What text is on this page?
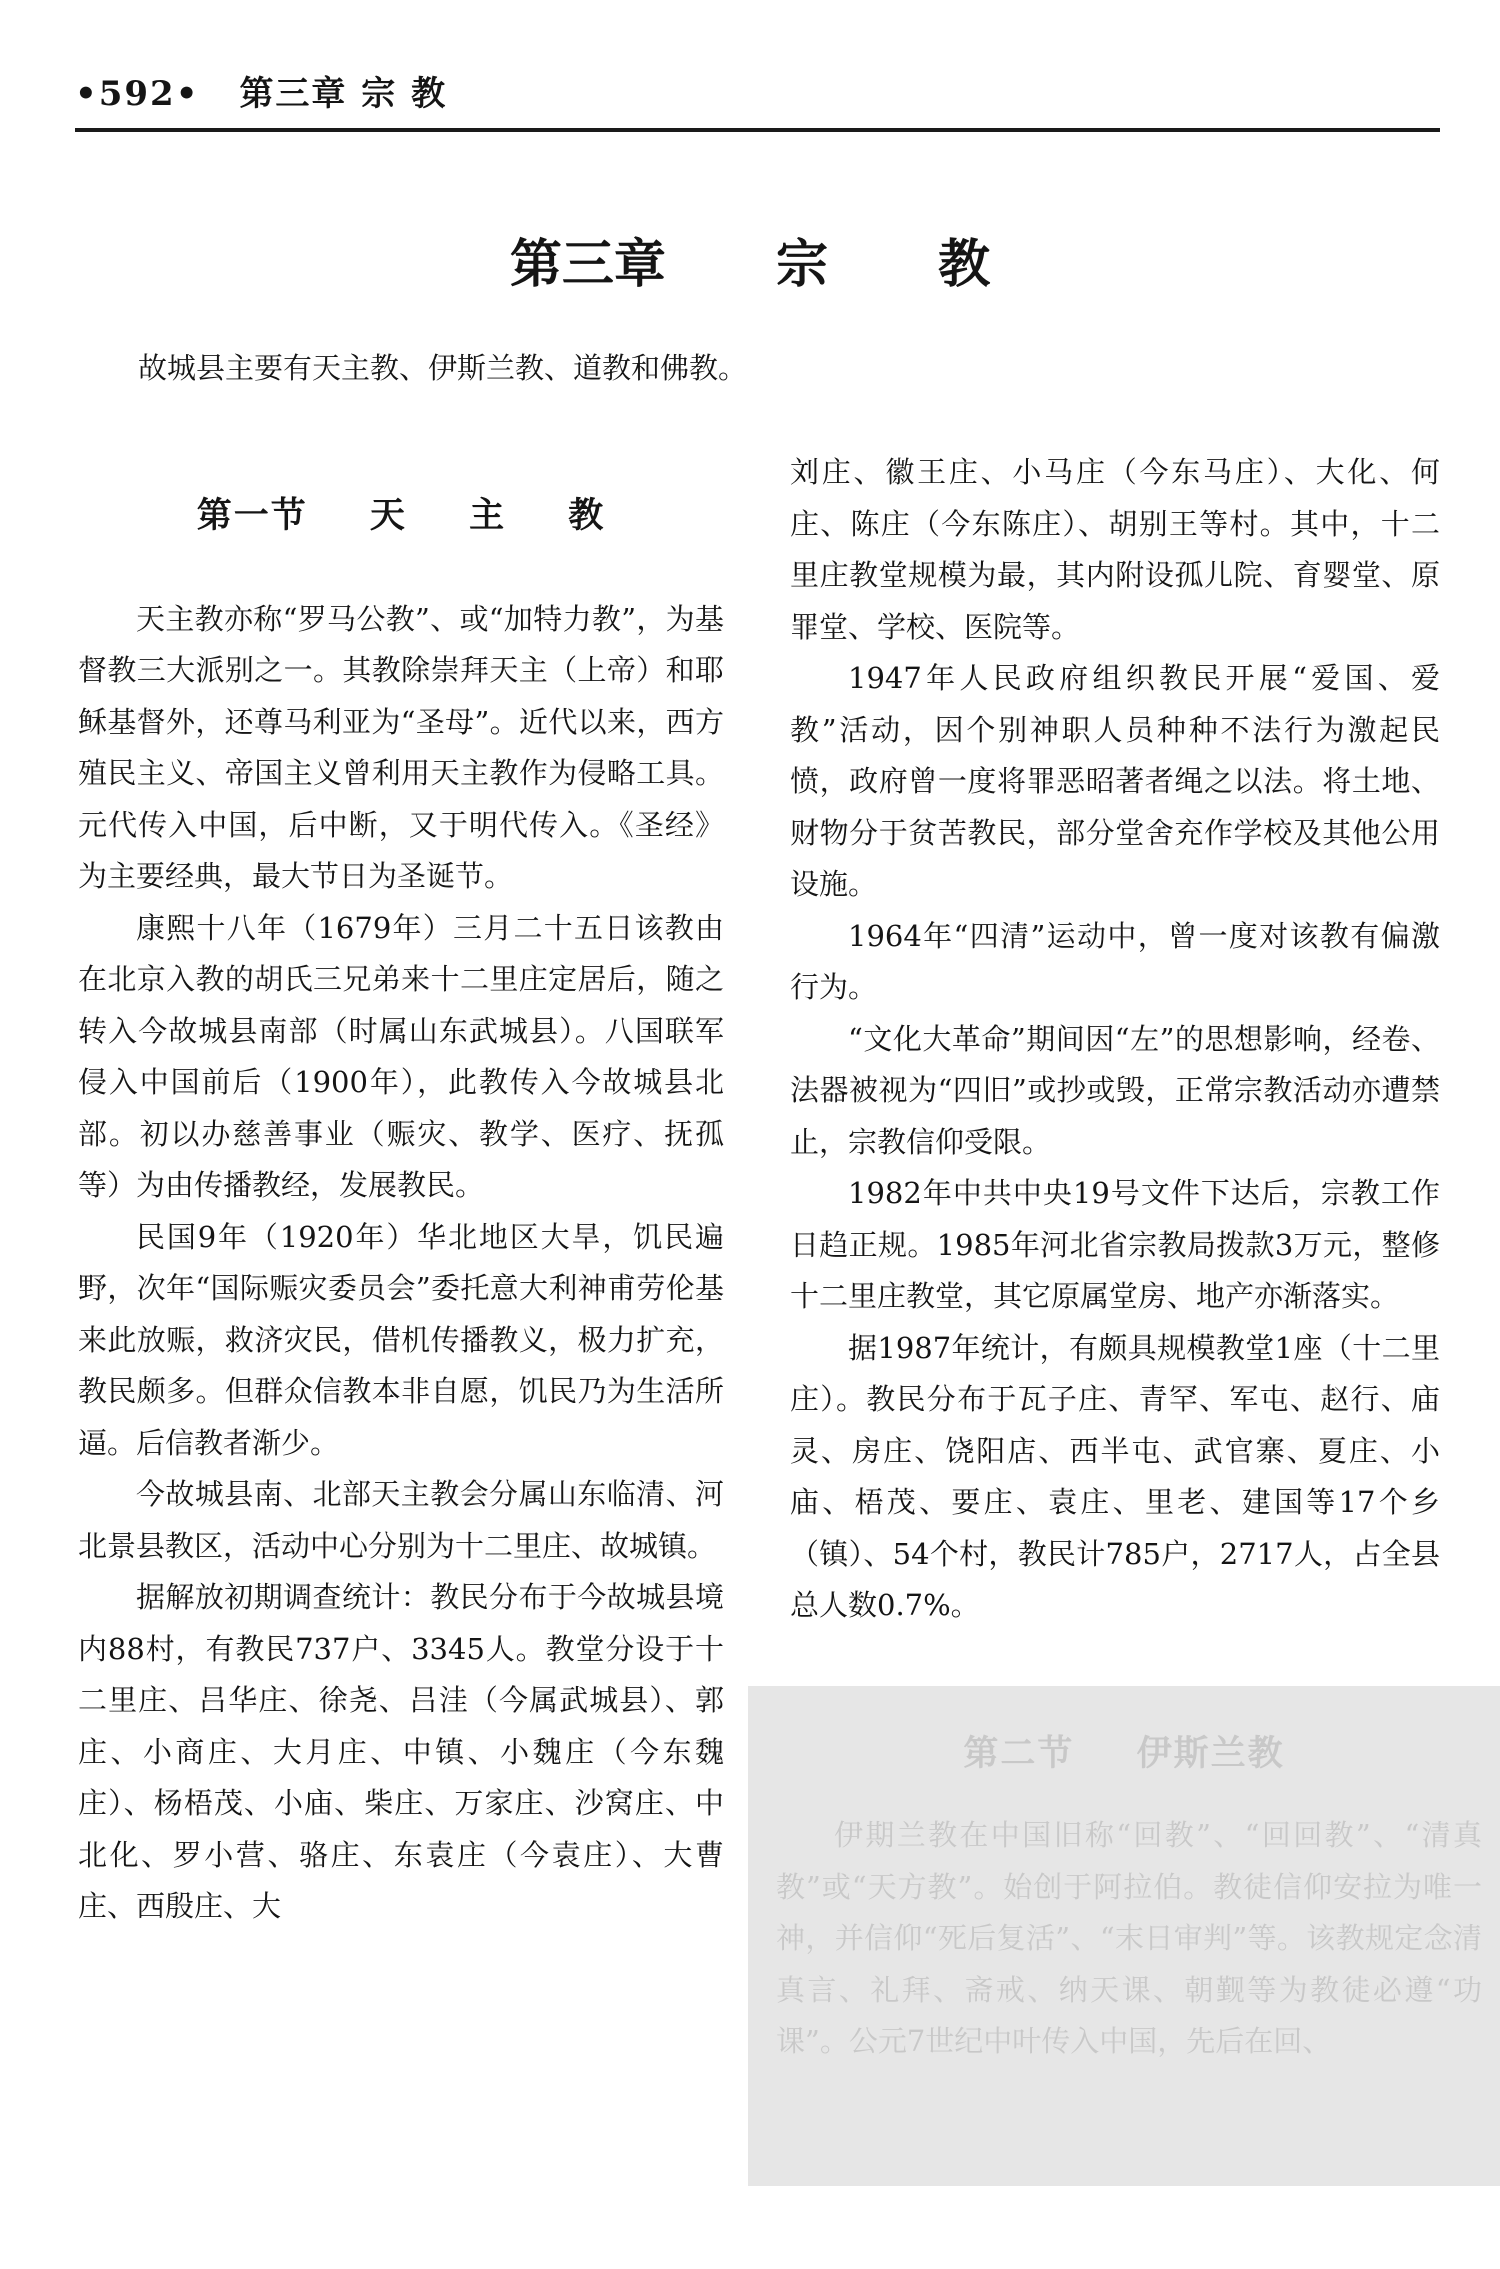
•592• 第三章 宗 教
第三章 宗 教
故城县主要有天主教、伊斯兰教、道教和佛教。
第一节 天 主 教

天主教亦称“罗马公教”、或“加特力教”，为基督教三大派别之一。其教除崇拜天主（上帝）和耶稣基督外，还尊马利亚为“圣母”。近代以来，西方殖民主义、帝国主义曾利用天主教作为侵略工具。元代传入中国，后中断，又于明代传入。《圣经》为主要经典，最大节日为圣诞节。

康熙十八年（1679年）三月二十五日该教由在北京入教的胡氏三兄弟来十二里庄定居后，随之转入今故城县南部（时属山东武城县）。八国联军侵入中国前后（1900年），此教传入今故城县北部。初以办慈善事业（赈灾、教学、医疗、抚孤等）为由传播教经，发展教民。

民国9年（1920年）华北地区大旱，饥民遍野，次年“国际赈灾委员会”委托意大利神甫劳伦基来此放赈，救济灾民，借机传播教义，极力扩充，教民颇多。但群众信教本非自愿，饥民乃为生活所逼。后信教者渐少。

今故城县南、北部天主教会分属山东临清、河北景县教区，活动中心分别为十二里庄、故城镇。

据解放初期调查统计：教民分布于今故城县境内88村，有教民737户、3345人。教堂分设于十二里庄、吕华庄、徐尧、吕洼（今属武城县）、郭庄、小商庄、大月庄、中镇、小魏庄（今东魏庄）、杨梧茂、小庙、柴庄、万家庄、沙窝庄、中北化、罗小营、骆庄、东袁庄（今袁庄）、大曹庄、西殷庄、大

刘庄、徽王庄、小马庄（今东马庄）、大化、何庄、陈庄（今东陈庄）、胡别王等村。其中，十二里庄教堂规模为最，其内附设孤儿院、育婴堂、原罪堂、学校、医院等。

1947年人民政府组织教民开展“爱国、爱教”活动，因个别神职人员种种不法行为激起民愤，政府曾一度将罪恶昭著者绳之以法。将土地、财物分于贫苦教民，部分堂舍充作学校及其他公用设施。

1964年“四清”运动中，曾一度对该教有偏激行为。

“文化大革命”期间因“左”的思想影响，经卷、法器被视为“四旧”或抄或毁，正常宗教活动亦遭禁止，宗教信仰受限。

1982年中共中央19号文件下达后，宗教工作日趋正规。1985年河北省宗教局拨款3万元，整修十二里庄教堂，其它原属堂房、地产亦渐落实。

据1987年统计，有颇具规模教堂1座（十二里庄）。教民分布于瓦子庄、青罕、军屯、赵行、庙灵、房庄、饶阳店、西半屯、武官寨、夏庄、小庙、梧茂、要庄、袁庄、里老、建国等17个乡（镇）、54个村，教民计785户，2717人，占全县总人数0.7%。

第二节 伊斯兰教

伊期兰教在中国旧称“回教”、“回回教”、“清真教”或“天方教”。始创于阿拉伯。教徒信仰安拉为唯一神，并信仰“死后复活”、“末日审判”等。该教规定念清真言、礼拜、斋戒、纳天课、朝觐等为教徒必遵“功课”。公元7世纪中叶传入中国，先后在回、
